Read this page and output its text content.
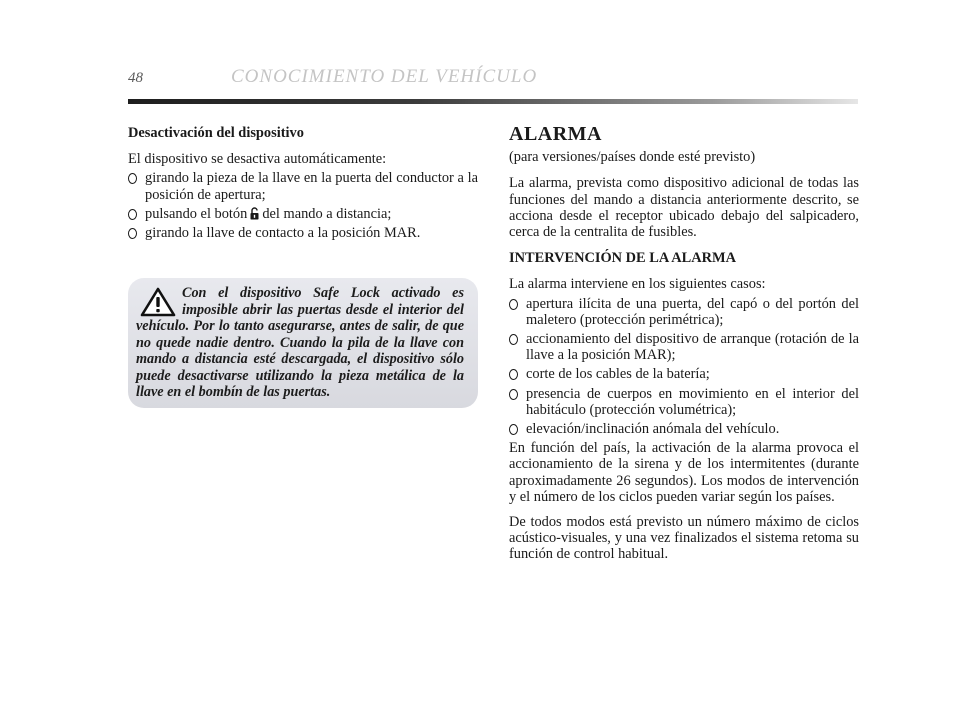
48	CONOCIMIENTO DEL VEHÍCULO

Desactivación del dispositivo

El dispositivo se desactiva automáticamente:

girando la pieza de la llave en la puerta del conductor a la posición de apertura;
pulsando el botón del mando a distancia;
girando la llave de contacto a la posición MAR.
Con el dispositivo Safe Lock activado es imposible abrir las puertas desde el interior del vehículo. Por lo tanto asegurarse, antes de salir, de que no quede nadie dentro. Cuando la pila de la llave con mando a distancia esté descargada, el dispositivo sólo puede desactivarse utilizando la pieza metálica de la llave en el bombín de las puertas.

ALARMA

(para versiones/países donde esté previsto)

La alarma, prevista como dispositivo adicional de todas las funciones del mando a distancia anteriormente descrito, se acciona desde el receptor ubicado debajo del salpicadero, cerca de la centralita de fusibles.

INTERVENCIÓN DE LA ALARMA

La alarma interviene en los siguientes casos:

apertura ilícita de una puerta, del capó o del portón del maletero (protección perimétrica);
accionamiento del dispositivo de arranque (rotación de la llave a la posición MAR);
corte de los cables de la batería;
presencia de cuerpos en movimiento en el interior del habitáculo (protección volumétrica);
elevación/inclinación anómala del vehículo.

En función del país, la activación de la alarma provoca el accionamiento de la sirena y de los intermitentes (durante aproximadamente 26 segundos). Los modos de intervención y el número de los ciclos pueden variar según los países.

De todos modos está previsto un número máximo de ciclos acústico-visuales, y una vez finalizados el sistema retoma su función de control habitual.
